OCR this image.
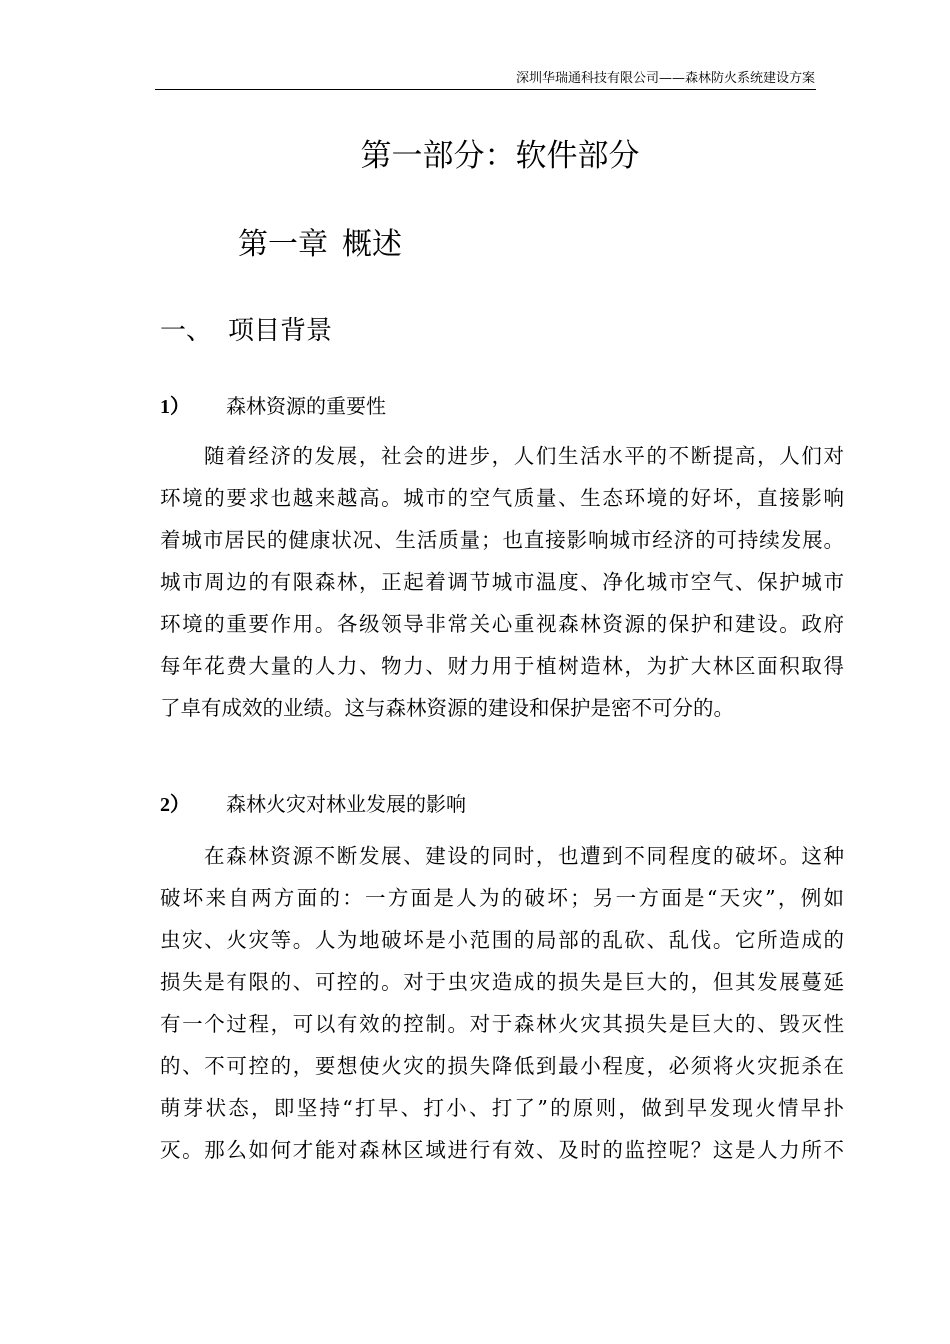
深圳华瑞通科技有限公司——森林防火系统建设方案
第一部分：软件部分
第一章 概述
一、 项目背景
1） 森林资源的重要性
随着经济的发展，社会的进步，人们生活水平的不断提高，人们对
环境的要求也越来越高。城市的空气质量、生态环境的好坏，直接影响
着城市居民的健康状况、生活质量；也直接影响城市经济的可持续发展。
城市周边的有限森林，正起着调节城市温度、净化城市空气、保护城市
环境的重要作用。各级领导非常关心重视森林资源的保护和建设。政府
每年花费大量的人力、物力、财力用于植树造林，为扩大林区面积取得
了卓有成效的业绩。这与森林资源的建设和保护是密不可分的。
2） 森林火灾对林业发展的影响
在森林资源不断发展、建设的同时，也遭到不同程度的破坏。这种
破坏来自两方面的：一方面是人为的破坏；另一方面是“天灾”，例如
虫灾、火灾等。人为地破坏是小范围的局部的乱砍、乱伐。它所造成的
损失是有限的、可控的。对于虫灾造成的损失是巨大的，但其发展蔓延
有一个过程，可以有效的控制。对于森林火灾其损失是巨大的、毁灭性
的、不可控的，要想使火灾的损失降低到最小程度，必须将火灾扼杀在
萌芽状态，即坚持“打早、打小、打了”的原则，做到早发现火情早扑
灭。那么如何才能对森林区域进行有效、及时的监控呢？这是人力所不
